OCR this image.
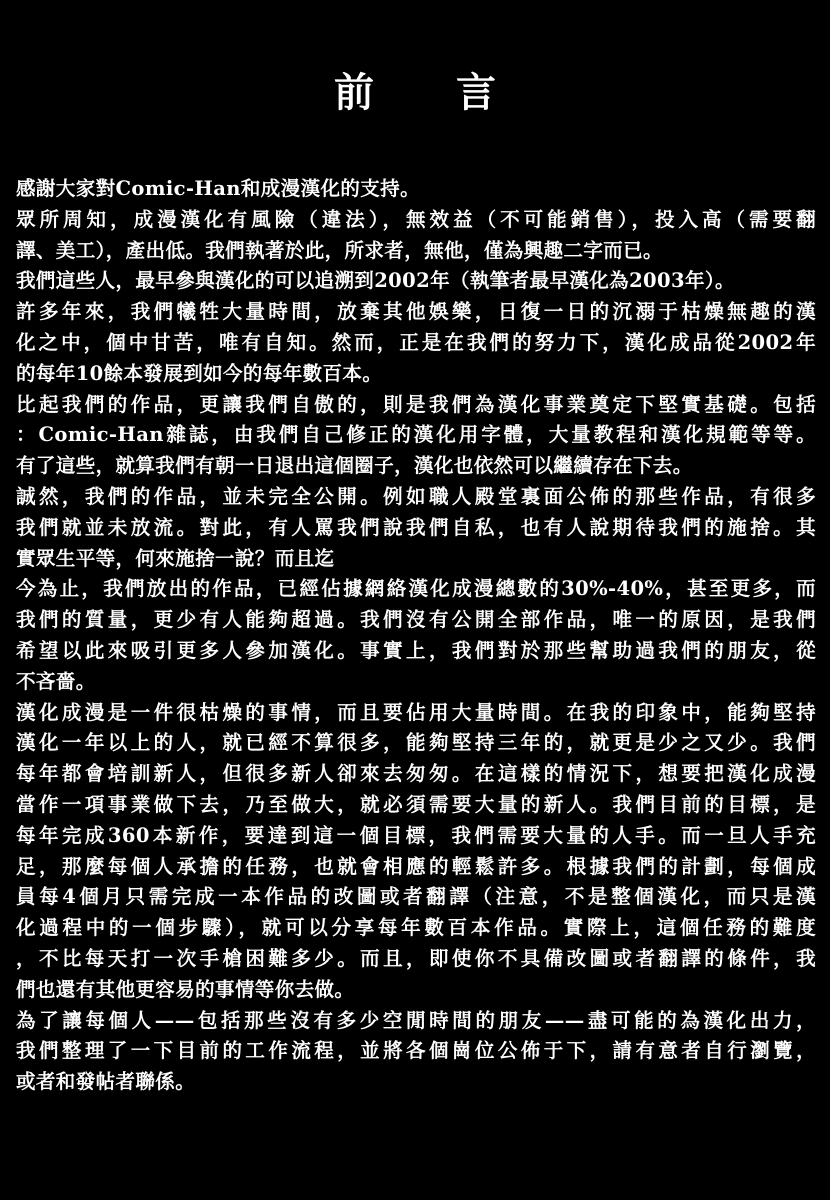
前 言
感謝大家對Comic-Han和成漫漢化的支持。
眾所周知，成漫漢化有風險（違法），無效益（不可能銷售），投入高（需要翻
譯、美工），產出低。我們執著於此，所求者，無他，僅為興趣二字而已。
我們這些人，最早參與漢化的可以追溯到2002年（執筆者最早漢化為2003年）。
許多年來，我們犧牲大量時間，放棄其他娛樂，日復一日的沉溺于枯燥無趣的漢
化之中，個中甘苦，唯有自知。然而，正是在我們的努力下，漢化成品從2002年
的每年10餘本發展到如今的每年數百本。
比起我們的作品，更讓我們自傲的，則是我們為漢化事業奠定下堅實基礎。包括
：Comic-Han雜誌，由我們自己修正的漢化用字體，大量教程和漢化規範等等。
有了這些，就算我們有朝一日退出這個圈子，漢化也依然可以繼續存在下去。
誠然，我們的作品，並未完全公開。例如職人殿堂裏面公佈的那些作品，有很多
我們就並未放流。對此，有人罵我們說我們自私，也有人說期待我們的施捨。其
實眾生平等，何來施捨一說？而且迄
今為止，我們放出的作品，已經佔據網絡漢化成漫總數的30%-40%，甚至更多，而
我們的質量，更少有人能夠超過。我們沒有公開全部作品，唯一的原因，是我們
希望以此來吸引更多人參加漢化。事實上，我們對於那些幫助過我們的朋友，從
不吝嗇。
漢化成漫是一件很枯燥的事情，而且要佔用大量時間。在我的印象中，能夠堅持
漢化一年以上的人，就已經不算很多，能夠堅持三年的，就更是少之又少。我們
每年都會培訓新人，但很多新人卻來去匆匆。在這樣的情況下，想要把漢化成漫
當作一項事業做下去，乃至做大，就必須需要大量的新人。我們目前的目標，是
每年完成360本新作，要達到這一個目標，我們需要大量的人手。而一旦人手充
足，那麼每個人承擔的任務，也就會相應的輕鬆許多。根據我們的計劃，每個成
員每4個月只需完成一本作品的改圖或者翻譯（注意，不是整個漢化，而只是漢
化過程中的一個步驟），就可以分享每年數百本作品。實際上，這個任務的難度
，不比每天打一次手槍困難多少。而且，即使你不具備改圖或者翻譯的條件，我
們也還有其他更容易的事情等你去做。
為了讓每個人——包括那些沒有多少空閒時間的朋友——盡可能的為漢化出力，
我們整理了一下目前的工作流程，並將各個崗位公佈于下，請有意者自行瀏覽，
或者和發帖者聯係。
